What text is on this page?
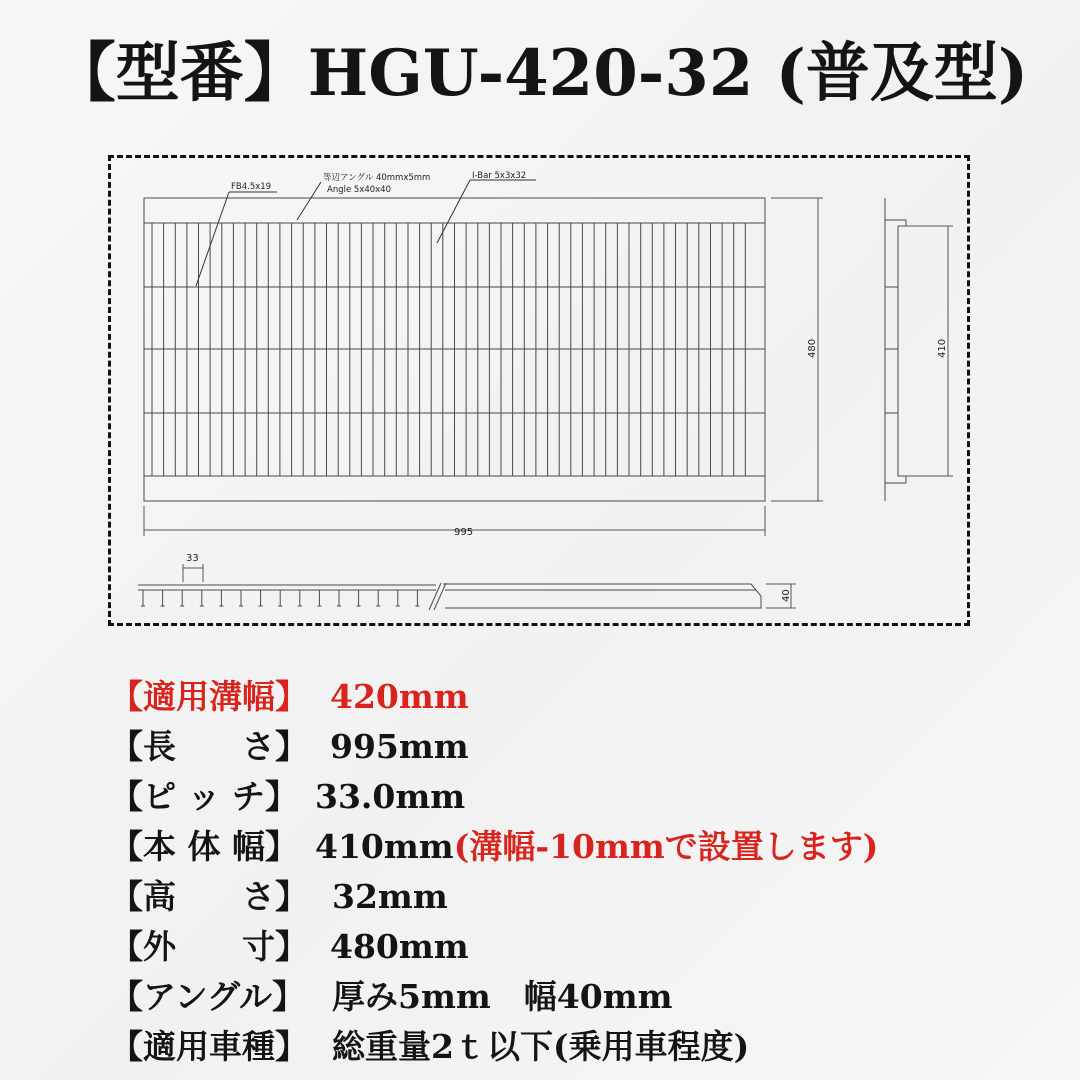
【型番】HGU-420-32 (普及型)
FB4.5x19
等辺アングル 40mmx5mm
Angle 5x40x40
I-Bar 5x3x32
995
480	410
33
40
【適用溝幅】 420mm
【長　　さ】 995mm
【ピ ッ チ】 33.0mm
【本 体 幅】 410mm(溝幅-10mmで設置します)
【高　　さ】 32mm
【外　　寸】 480mm
【アングル】 厚み5mm　幅40mm
【適用車種】 総重量2ｔ以下(乗用車程度)
